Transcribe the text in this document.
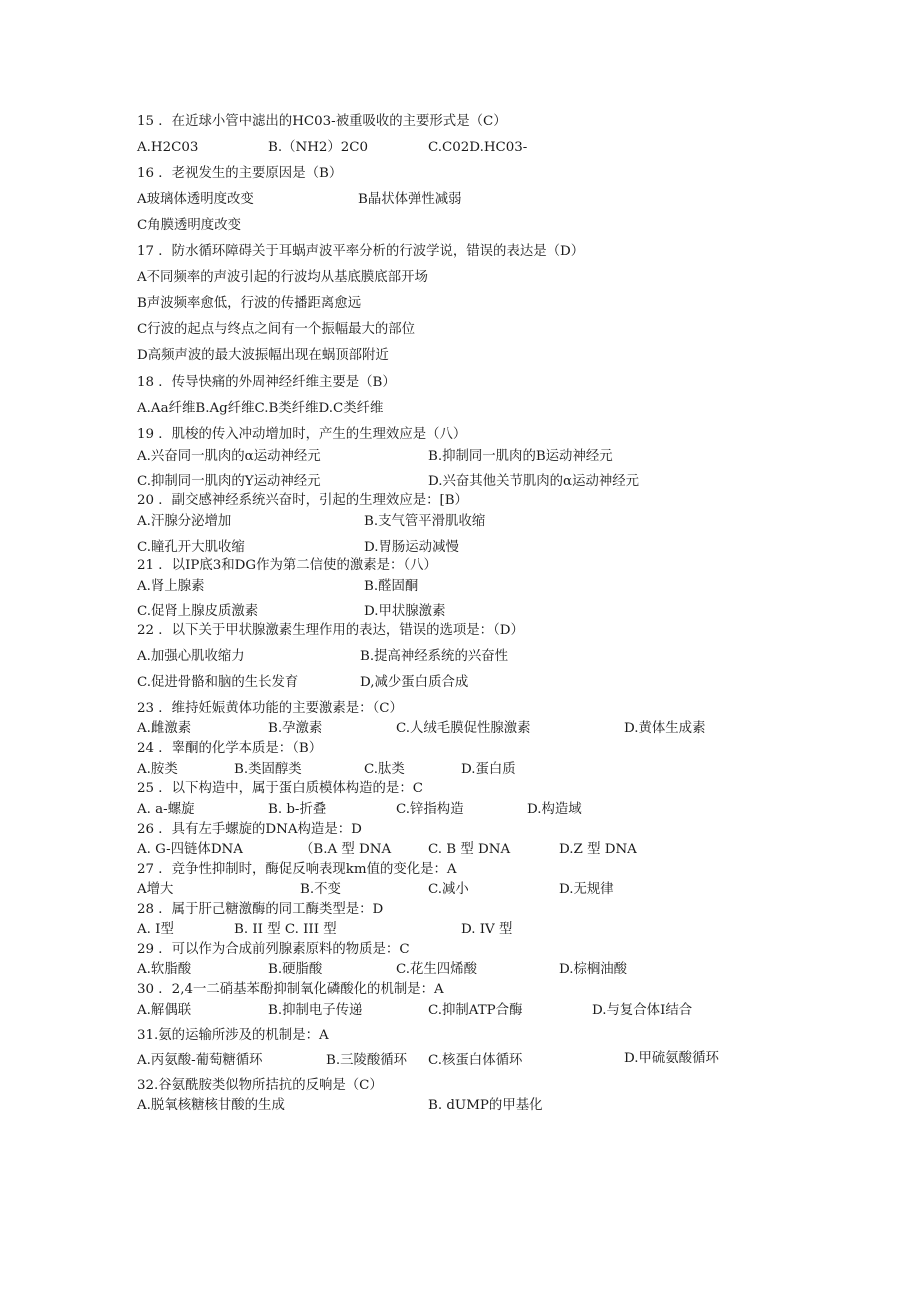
15 ．在近球小管中滤出的HC03-被重吸收的主要形式是（C）
A.H2C03	B.（NH2）2C0	C.C02D.HC03-
16 ．老视发生的主要原因是（B）
A玻璃体透明度改变	B晶状体弹性减弱
C角膜透明度改变
17 ．防水循环障碍关于耳蜗声波平率分析的行波学说，错误的表达是（D）
A不同频率的声波引起的行波均从基底膜底部开场
B声波频率愈低，行波的传播距离愈远
C行波的起点与终点之间有一个振幅最大的部位
D高频声波的最大波振幅出现在蜗顶部附近
18 ．传导快痛的外周神经纤维主要是（B）
A.Aa纤维B.Ag纤维C.B类纤维D.C类纤维
19 ．肌梭的传入冲动增加时，产生的生理效应是（八）
A.兴奋同一肌肉的α运动神经元	B.抑制同一肌肉的B运动神经元
C.抑制同一肌肉的Y运动神经元	D.兴奋其他关节肌肉的α运动神经元
20 ．副交感神经系统兴奋时，引起的生理效应是：[B）
A.汗腺分泌增加	B.支气管平滑肌收缩
C.瞳孔开大肌收缩	D.胃肠运动减慢
21 ．以IP底3和DG作为第二信使的激素是：（八）
A.肾上腺素	B.醛固酮
C.促肾上腺皮质激素	D.甲状腺激素
22 ．以下关于甲状腺激素生理作用的表达，错误的选项是：（D）
A.加强心肌收缩力	B.提高神经系统的兴奋性
C.促进骨骼和脑的生长发育	D,减少蛋白质合成
23 ．维持妊娠黄体功能的主要激素是：（C）
A.雌激素	B.孕激素	C.人绒毛膜促性腺激素	D.黄体生成素
24 ．睾酮的化学本质是：（B）
A.胺类	B.类固醇类	C.肽类	D.蛋白质
25 ．以下构造中，属于蛋白质模体构造的是：C
A. a-螺旋	B. b-折叠	C.锌指构造	D.构造域
26 ．具有左手螺旋的DNA构造是：D
A. G-四链体DNA	（B.A 型 DNA	C. B 型 DNA	D.Z 型 DNA
27 ．竞争性抑制时，酶促反响表现km值的变化是：A
A增大	B.不变	C.减小	D.无规律
28 ．属于肝己糖激酶的同工酶类型是：D
A. I型	B. II 型 C. III 型	D. IV 型
29 ．可以作为合成前列腺素原料的物质是：C
A.软脂酸	B.硬脂酸	C.花生四烯酸	D.棕榈油酸
30 ．2,4一二硝基苯酚抑制氧化磷酸化的机制是：A
A.解偶联	B.抑制电子传递	C.抑制ATP合酶	D.与复合体I结合
31.氨的运输所涉及的机制是：A
A.丙氨酸-葡萄糖循环	B.三陵酸循环 C.核蛋白体循环	D.甲硫氨酸循环
32.谷氨酰胺类似物所拮抗的反响是（C）
A.脱氧核糖核甘酸的生成	B. dUMP的甲基化
